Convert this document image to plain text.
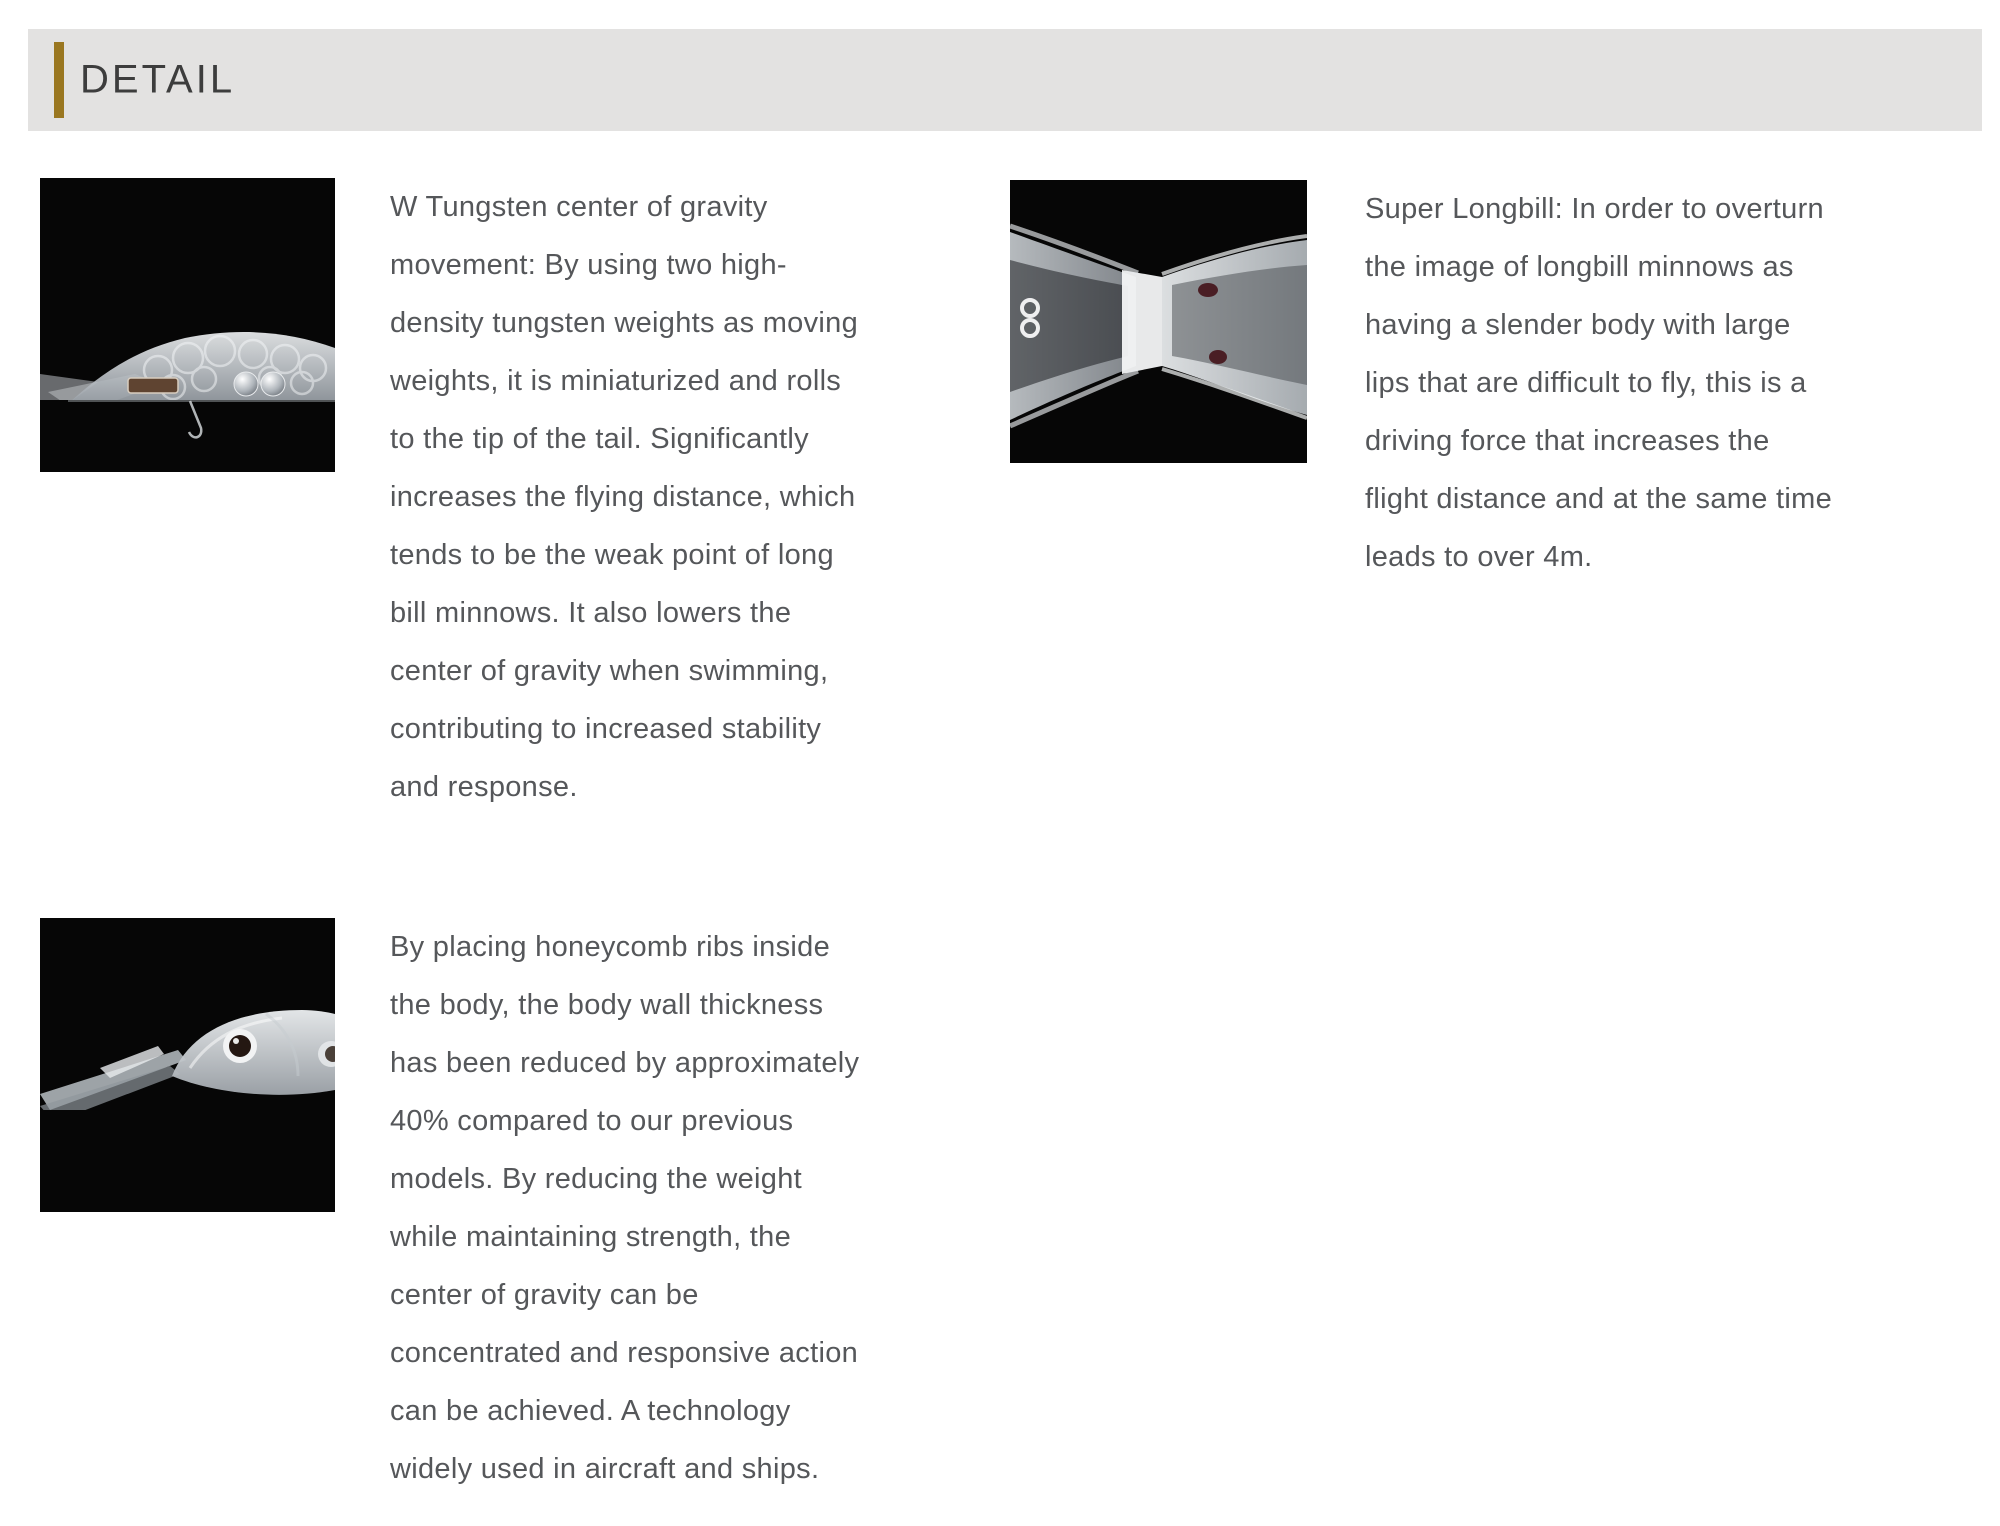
DETAIL
W Tungsten center of gravity
movement: By using two high-
density tungsten weights as moving
weights, it is miniaturized and rolls
to the tip of the tail. Significantly
increases the flying distance, which
tends to be the weak point of long
bill minnows. It also lowers the
center of gravity when swimming,
contributing to increased stability
and response.
Super Longbill: In order to overturn
the image of longbill minnows as
having a slender body with large
lips that are difficult to fly, this is a
driving force that increases the
flight distance and at the same time
leads to over 4m.
By placing honeycomb ribs inside
the body, the body wall thickness
has been reduced by approximately
40% compared to our previous
models. By reducing the weight
while maintaining strength, the
center of gravity can be
concentrated and responsive action
can be achieved. A technology
widely used in aircraft and ships.
